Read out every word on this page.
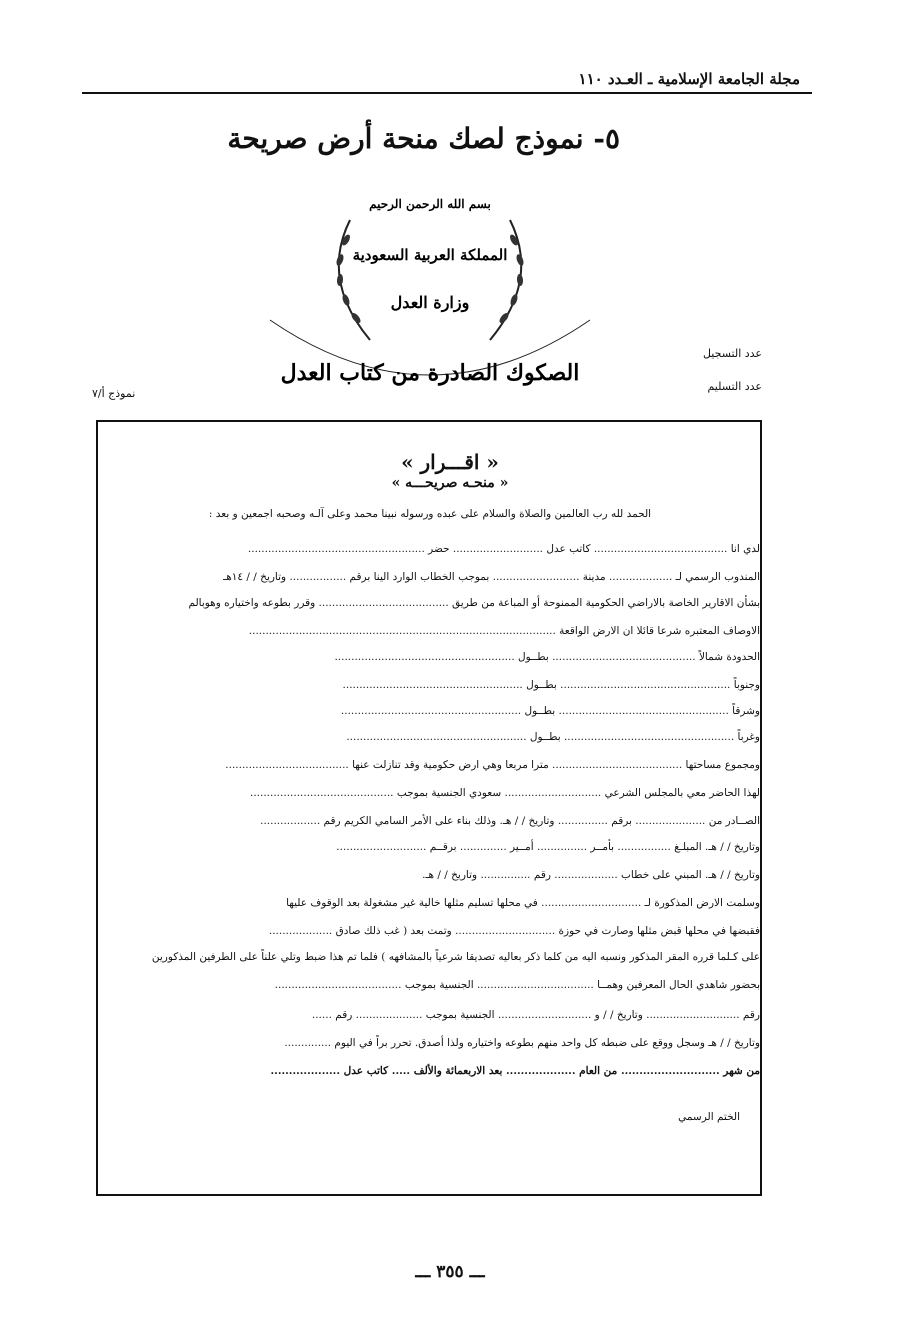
مجلة الجامعة الإسلامية ـ العـدد ١١٠
٥- نموذج لصك منحة أرض صريحة
بسم الله الرحمن الرحيم
المملكة العربية السعودية
وزارة العدل
الصكوك الصادرة من كتاب العدل
عدد التسجيل
عدد التسليم
نموذج أ/٧
« اقـــرار »
« منحـه صريحـــه »
الحمد لله رب العالمين والصلاة والسلام على عبده ورسوله نبينا محمد وعلى آلـه وصحبه اجمعين و بعد :
لدي انا ........................................ كاتب عدل ........................... حضر .....................................................
المندوب الرسمي لـ ................... مدينة .......................... بموجب الخطاب الوارد الينا برقم ................. وتاريخ / / ١٤هـ
بشأن الاقارير الخاصة بالاراضي الحكومية الممنوحة أو المباعة من طريق ....................................... وقرر بطوعه واختياره وهوبالم
الاوصاف المعتبره شرعا قائلا ان الارض الواقعة ............................................................................................
الحدودة شمالاً ........................................... بطــول ......................................................
وجنوباً ................................................... بطــول ......................................................
وشرقاً ................................................... بطــول ......................................................
وغرباً ................................................... بطــول ......................................................
ومجموع مساحتها ....................................... مترا مربعا وهي ارض حكومية وقد تنازلت عنها .....................................
لهذا الحاضر معي بالمجلس الشرعي ............................. سعودي الجنسية بموجب ...........................................
الصــادر من ..................... برقم ............... وتاريخ / / هـ. وذلك بناء على الأمر السامي الكريم رقم ..................
وتاريخ / / هـ. المبلـغ ................ بأمــر ............... أمــير .............. برقــم ...........................
وتاريخ / / هـ. المبني على خطاب ................... رقم ............... وتاريخ / / هـ.
وسلمت الارض المذكورة لـ .............................. في محلها تسليم مثلها خالية غير مشغولة بعد الوقوف عليها
فقبضها في محلها قبض مثلها وصارت في حوزة .............................. وتمت بعد ( غب ذلك صادق ...................
على كـلما قرره المقر المذكور ونسبه اليه من كلما ذكر بعاليه تصديقا شرعياً بالمشافهه ) فلما تم هذا ضبط وتلي علناً على الطرفين المذكورين
بحضور شاهدي الحال المعرفين وهمــا ................................... الجنسية بموجب ......................................
رقم ............................ وتاريخ / / و ............................ الجنسية بموجب .................... رقم ......
وتاريخ / / هـ وسجل ووقع على ضبطه كل واحد منهم بطوعه واختياره ولذا أصدق. تحرر براً في اليوم ..............
من شهر ........................... من العام ................... بعد الاربعمائة والألف ..... كاتب عدل ...................
الختم الرسمي
ـــ ٣٥٥ ـــ
